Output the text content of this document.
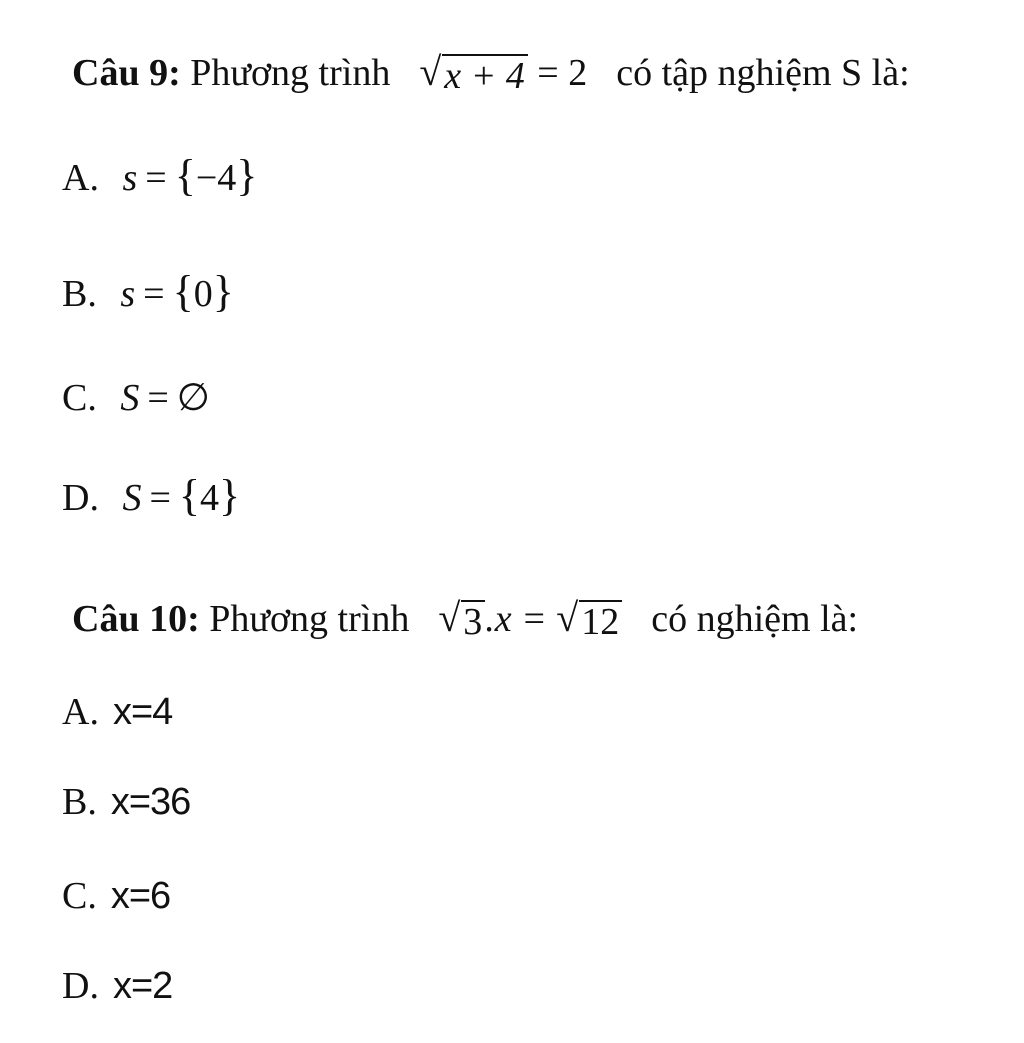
Câu 9: Phương trình √ x + 4 = 2 có tập nghiệm S là:
A. s = {−4}
B. s = {0}
C. S = ∅
D. S = {4}
Câu 10: Phương trình √ 3 .x = √ 12 có nghiệm là:
A. x=4
B. x=36
C. x=6
D. x=2
